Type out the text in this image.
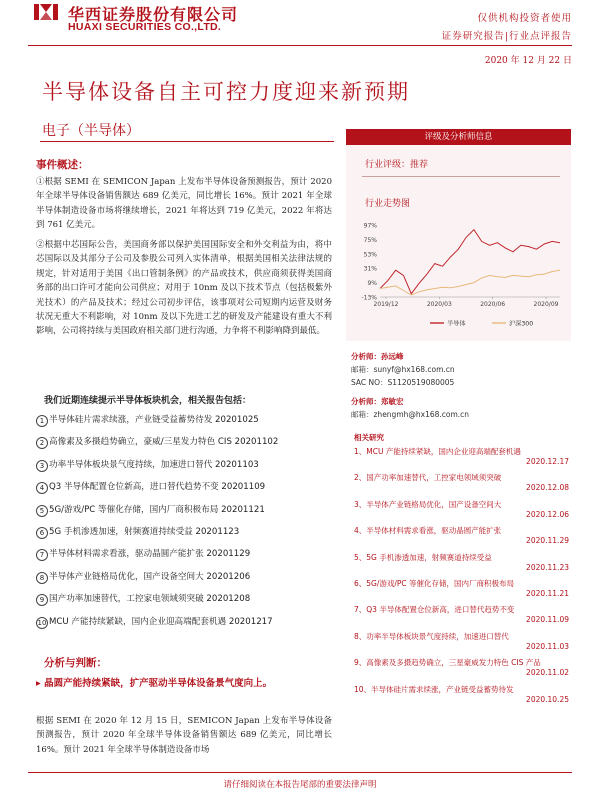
华西证券股份有限公司
HUAXI SECURITIES CO.,LTD.
仅供机构投资者使用
证券研究报告|行业点评报告
2020 年 12 月 22 日
半导体设备自主可控力度迎来新预期
电子（半导体）
事件概述：
①根据 SEMI 在 SEMICON Japan 上发布半导体设备预测报告，预计 2020 年全球半导体设备销售额达 689 亿美元，同比增长 16%。预计 2021 年全球半导体制造设备市场将继续增长，2021 年将达到 719 亿美元，2022 年将达到 761 亿美元。
②根据中芯国际公告，美国商务部以保护美国国际安全和外交利益为由，将中芯国际以及其部分子公司及参股公司列入实体清单，根据美国相关法律法规的规定，针对适用于美国《出口管制条例》的产品或技术，供应商须获得美国商务部的出口许可才能向公司供应；对用于 10nm 及以下技术节点（包括极紫外光技术）的产品及技术；经过公司初步评估，该事项对公司短期内运营及财务状况无重大不利影响，对 10nm 及以下先进工艺的研发及产能建设有重大不利影响，公司将持续与美国政府相关部门进行沟通，力争将不利影响降到最低。
我们近期连续提示半导体板块机会，相关报告包括：
1 半导体硅片需求续涨，产业链受益蓄势待发 20201025
2 高像素及多摄趋势确立，豪威/三星发力特色 CIS 20201102
3 功率半导体板块景气度持续，加速进口替代 20201103
4 Q3 半导体配置仓位新高，进口替代趋势不变 20201109
5 5G/游戏/PC 等催化存储，国内厂商积极布局 20201121
6 5G 手机渗透加速，射频赛道持续受益 20201123
7 半导体材料需求看涨，驱动晶圆产能扩张 20201129
8 半导体产业链格局优化，国产设备空间大 20201206
9 国产功率加速替代，工控家电领域须突破 20201208
10 MCU 产能持续紧缺，国内企业迎高端配套机遇 20201217
分析与判断：
▸ 晶圆产能持续紧缺，扩产驱动半导体设备景气度向上。
根据 SEMI 在 2020 年 12 月 15 日，SEMICON Japan 上发布半导体设备预测报告，预计 2020 年全球半导体设备销售额达 689 亿美元，同比增长 16%。预计 2021 年全球半导体制造设备市场
评级及分析师信息
行业评级：推荐
行业走势图
97%
75%
53%
31%
9%
-13%
2019/12	2020/03	2020/06	2020/09
半导体	沪深300
分析师：孙远峰
邮箱：sunyf@hx168.com.cn
SAC NO：S1120519080005
分析师：郑敏宏
邮箱：zhengmh@hx168.com.cn
相关研究
1、MCU 产能持续紧缺，国内企业迎高端配套机遇
2020.12.17
2、国产功率加速替代，工控家电领域须突破
2020.12.08
3、半导体产业链格局优化，国产设备空间大
2020.12.06
4、半导体材料需求看涨，驱动晶圆产能扩张
2020.11.29
5、5G 手机渗透加速，射频赛道持续受益
2020.11.23
6、5G/游戏/PC 等催化存储，国内厂商积极布局
2020.11.21
7、Q3 半导体配置仓位新高，进口替代趋势不变
2020.11.09
8、功率半导体板块景气度持续，加速进口替代
2020.11.03
9、高像素及多摄趋势确立，三星豪威发力特色 CIS 产品
2020.11.02
10、半导体硅片需求续涨，产业链受益蓄势待发
2020.10.25
请仔细阅读在本报告尾部的重要法律声明
